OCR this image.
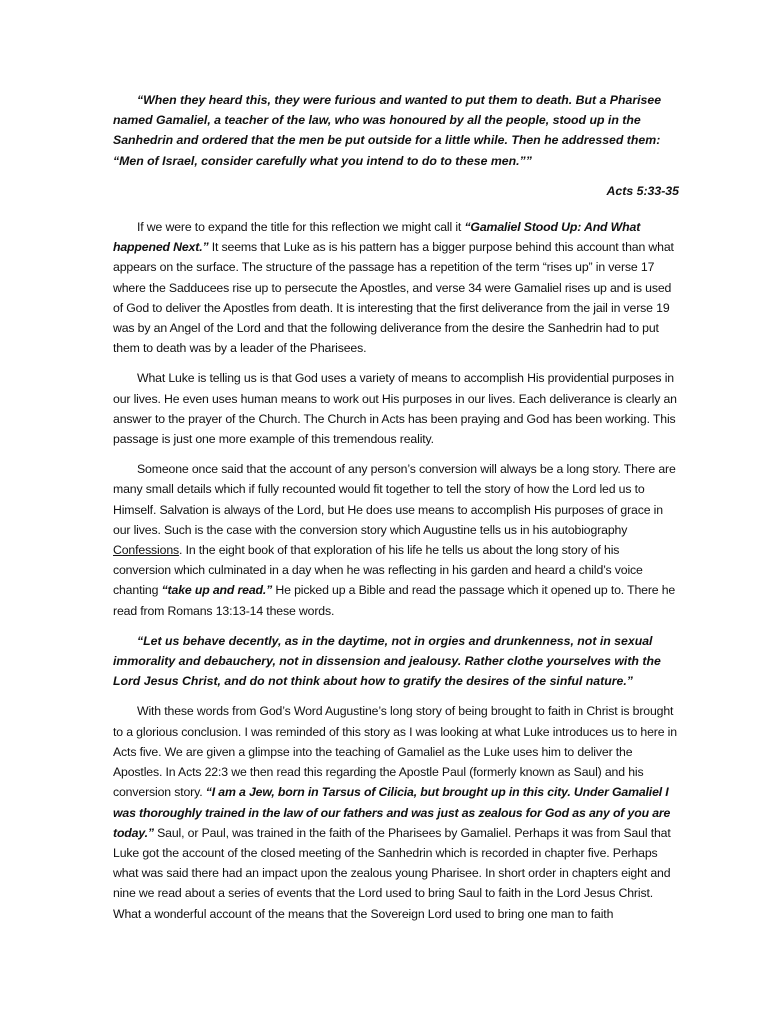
“When they heard this, they were furious and wanted to put them to death. But a Pharisee named Gamaliel, a teacher of the law, who was honoured by all the people, stood up in the Sanhedrin and ordered that the men be put outside for a little while. Then he addressed them: “Men of Israel, consider carefully what you intend to do to these men.””

Acts 5:33-35

If we were to expand the title for this reflection we might call it “Gamaliel Stood Up: And What happened Next.” It seems that Luke as is his pattern has a bigger purpose behind this account than what appears on the surface. The structure of the passage has a repetition of the term “rises up” in verse 17 where the Sadducees rise up to persecute the Apostles, and verse 34 were Gamaliel rises up and is used of God to deliver the Apostles from death. It is interesting that the first deliverance from the jail in verse 19 was by an Angel of the Lord and that the following deliverance from the desire the Sanhedrin had to put them to death was by a leader of the Pharisees.

What Luke is telling us is that God uses a variety of means to accomplish His providential purposes in our lives. He even uses human means to work out His purposes in our lives. Each deliverance is clearly an answer to the prayer of the Church. The Church in Acts has been praying and God has been working. This passage is just one more example of this tremendous reality.

Someone once said that the account of any person’s conversion will always be a long story. There are many small details which if fully recounted would fit together to tell the story of how the Lord led us to Himself. Salvation is always of the Lord, but He does use means to accomplish His purposes of grace in our lives. Such is the case with the conversion story which Augustine tells us in his autobiography Confessions. In the eight book of that exploration of his life he tells us about the long story of his conversion which culminated in a day when he was reflecting in his garden and heard a child’s voice chanting “take up and read.” He picked up a Bible and read the passage which it opened up to. There he read from Romans 13:13-14 these words.

“Let us behave decently, as in the daytime, not in orgies and drunkenness, not in sexual immorality and debauchery, not in dissension and jealousy. Rather clothe yourselves with the Lord Jesus Christ, and do not think about how to gratify the desires of the sinful nature.”

With these words from God’s Word Augustine’s long story of being brought to faith in Christ is brought to a glorious conclusion. I was reminded of this story as I was looking at what Luke introduces us to here in Acts five. We are given a glimpse into the teaching of Gamaliel as the Luke uses him to deliver the Apostles. In Acts 22:3 we then read this regarding the Apostle Paul (formerly known as Saul) and his conversion story. “I am a Jew, born in Tarsus of Cilicia, but brought up in this city. Under Gamaliel I was thoroughly trained in the law of our fathers and was just as zealous for God as any of you are today.” Saul, or Paul, was trained in the faith of the Pharisees by Gamaliel. Perhaps it was from Saul that Luke got the account of the closed meeting of the Sanhedrin which is recorded in chapter five. Perhaps what was said there had an impact upon the zealous young Pharisee. In short order in chapters eight and nine we read about a series of events that the Lord used to bring Saul to faith in the Lord Jesus Christ. What a wonderful account of the means that the Sovereign Lord used to bring one man to faith
